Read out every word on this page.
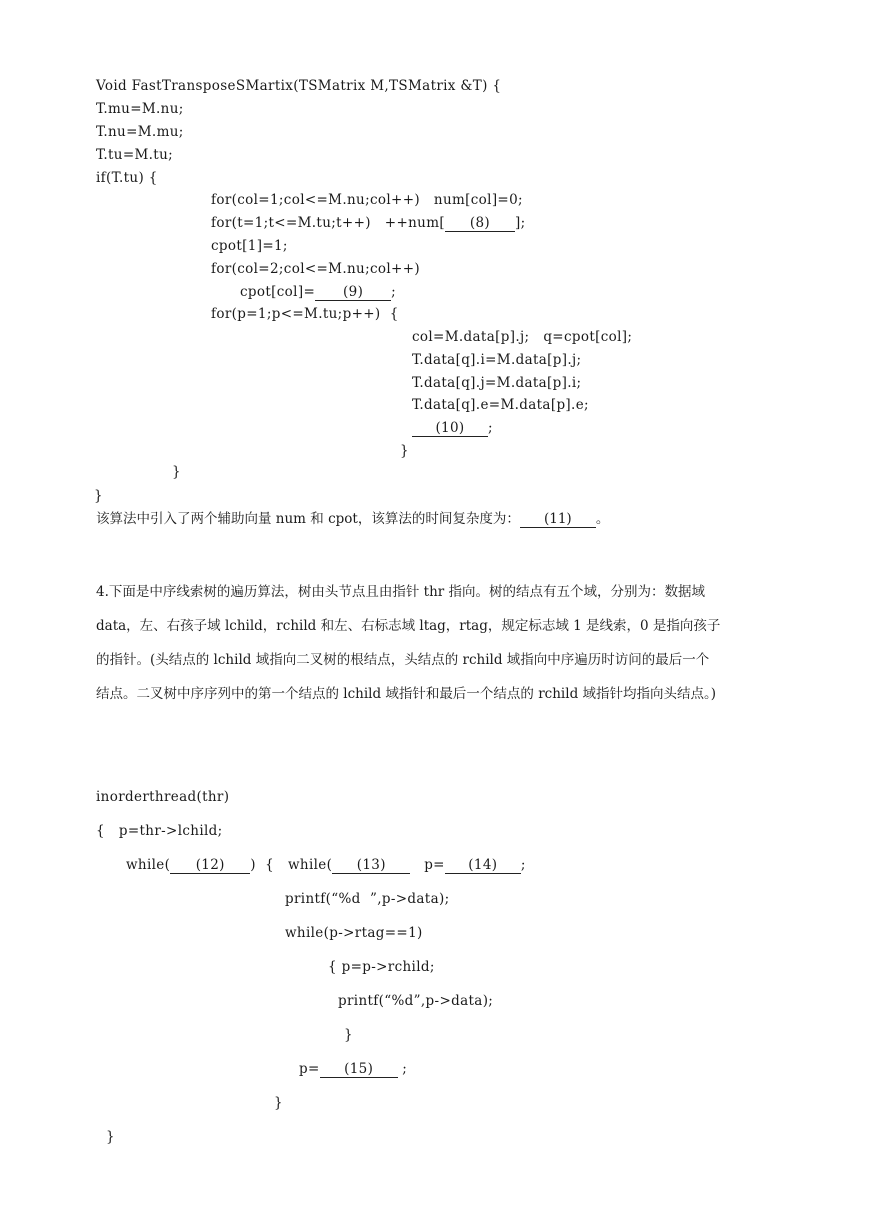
Void FastTransposeSMartix(TSMatrix M,TSMatrix &T) {
T.mu=M.nu;
T.nu=M.mu;
T.tu=M.tu;
if(T.tu) {
for(col=1;col<=M.nu;col++)   num[col]=0;
for(t=1;t<=M.tu;t++)   ++num[ (8) ];
cpot[1]=1;
for(col=2;col<=M.nu;col++)
cpot[col]= (9) ;
for(p=1;p<=M.tu;p++)  {
col=M.data[p].j;   q=cpot[col];
T.data[q].i=M.data[p].j;
T.data[q].j=M.data[p].i;
T.data[q].e=M.data[p].e;
(10) ;
}
}
}
该算法中引入了两个辅助向量 num 和 cpot，该算法的时间复杂度为： (11) 。
4.下面是中序线索树的遍历算法，树由头节点且由指针 thr 指向。树的结点有五个域，分别为：数据域
data，左、右孩子域 lchild，rchild 和左、右标志域 ltag，rtag，规定标志域 1 是线索，0 是指向孩子
的指针。(头结点的 lchild 域指向二叉树的根结点，头结点的 rchild 域指向中序遍历时访问的最后一个
结点。二叉树中序序列中的第一个结点的 lchild 域指针和最后一个结点的 rchild 域指针均指向头结点。)
inorderthread(thr)
{   p=thr->lchild;
while( (12) )  {   while( (13)   p= (14) ;
printf(“%d  ”,p->data);
while(p->rtag==1)
{ p=p->rchild;
printf(“%d”,p->data);
}
p= (15) ;
}
}
